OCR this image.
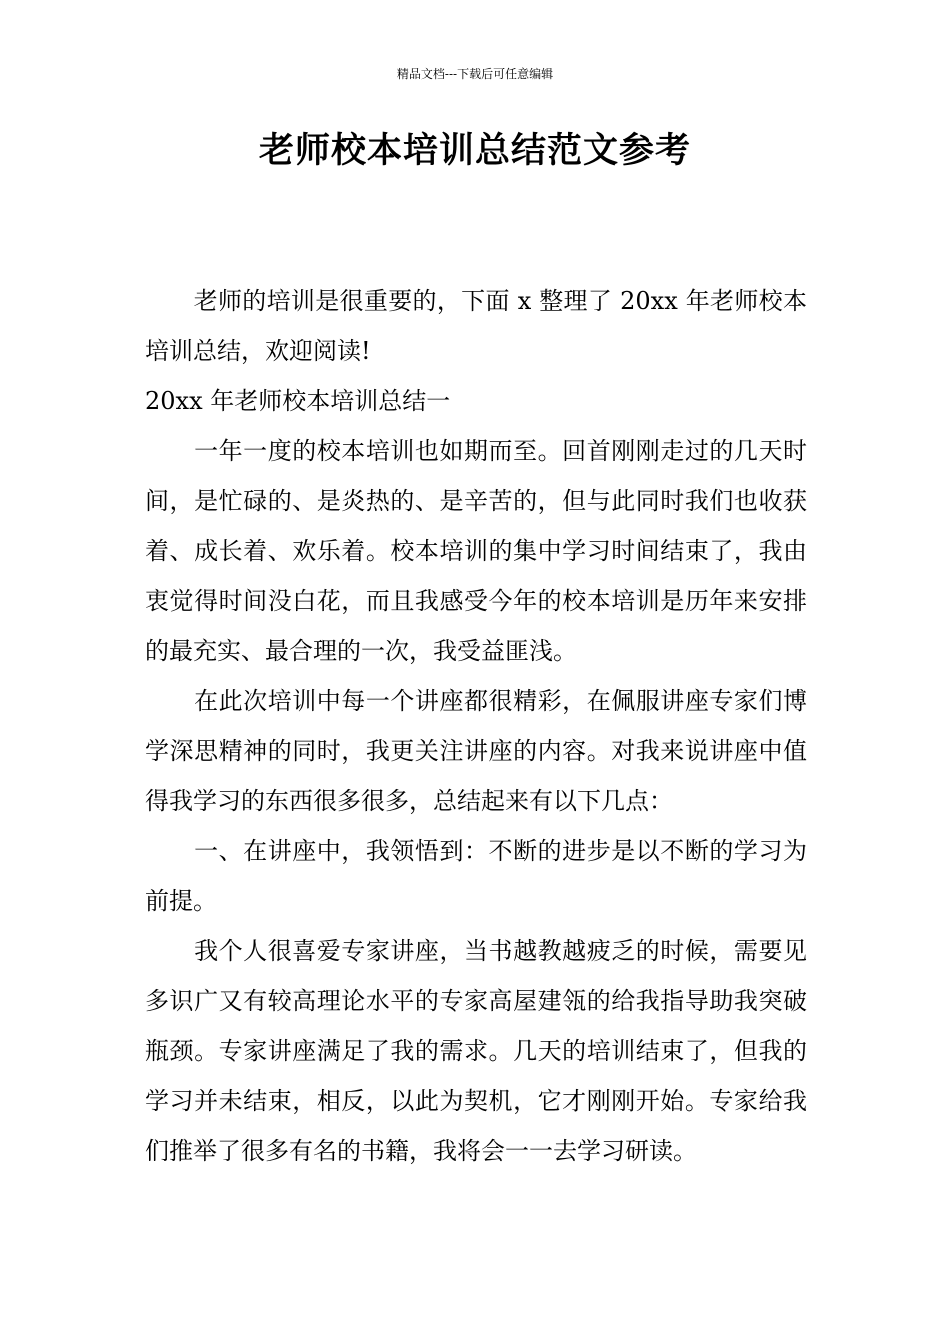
精品文档---下载后可任意编辑
老师校本培训总结范文参考

　　老师的培训是很重要的，下面 x 整理了 20xx 年老师校本培训总结，欢迎阅读!

20xx 年老师校本培训总结一

　　一年一度的校本培训也如期而至。回首刚刚走过的几天时间，是忙碌的、是炎热的、是辛苦的，但与此同时我们也收获着、成长着、欢乐着。校本培训的集中学习时间结束了，我由衷觉得时间没白花，而且我感受今年的校本培训是历年来安排的最充实、最合理的一次，我受益匪浅。

　　在此次培训中每一个讲座都很精彩，在佩服讲座专家们博学深思精神的同时，我更关注讲座的内容。对我来说讲座中值得我学习的东西很多很多，总结起来有以下几点：

　　一、在讲座中，我领悟到：不断的进步是以不断的学习为前提。

　　我个人很喜爱专家讲座，当书越教越疲乏的时候，需要见多识广又有较高理论水平的专家高屋建瓴的给我指导助我突破瓶颈。专家讲座满足了我的需求。几天的培训结束了，但我的学习并未结束，相反，以此为契机，它才刚刚开始。专家给我们推举了很多有名的书籍，我将会一一去学习研读。
